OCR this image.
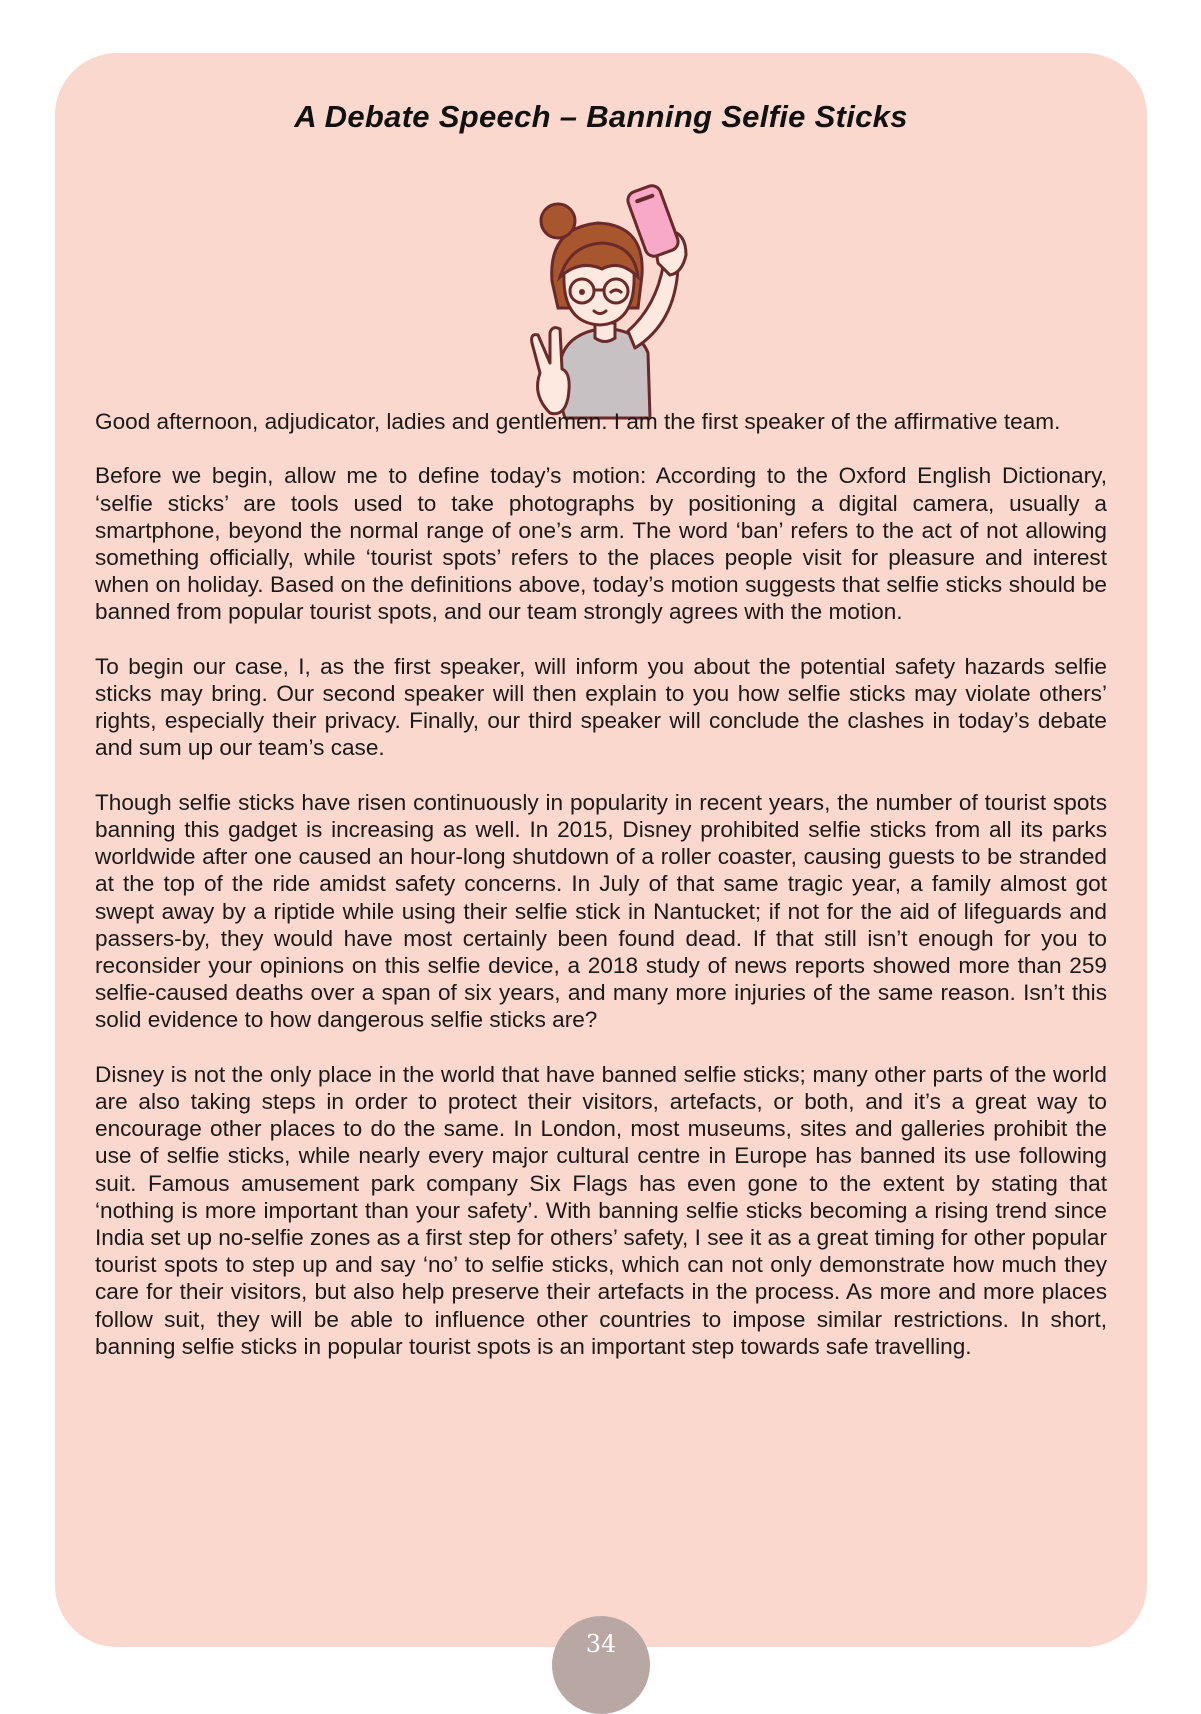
A Debate Speech – Banning Selfie Sticks

Good afternoon, adjudicator, ladies and gentlemen. I am the first speaker of the affirmative team.

Before we begin, allow me to define today’s motion: According to the Oxford English Dictionary, ‘selfie sticks’ are tools used to take photographs by positioning a digital camera, usually a smartphone, beyond the normal range of one’s arm. The word ‘ban’ refers to the act of not allowing something officially, while ‘tourist spots’ refers to the places people visit for pleasure and interest when on holiday. Based on the definitions above, today’s motion suggests that selfie sticks should be banned from popular tourist spots, and our team strongly agrees with the motion.

To begin our case, I, as the first speaker, will inform you about the potential safety hazards selfie sticks may bring. Our second speaker will then explain to you how selfie sticks may violate others’ rights, especially their privacy. Finally, our third speaker will conclude the clashes in today’s debate and sum up our team’s case.

Though selfie sticks have risen continuously in popularity in recent years, the number of tourist spots banning this gadget is increasing as well. In 2015, Disney prohibited selfie sticks from all its parks worldwide after one caused an hour-long shutdown of a roller coaster, causing guests to be stranded at the top of the ride amidst safety concerns. In July of that same tragic year, a family almost got swept away by a riptide while using their selfie stick in Nantucket; if not for the aid of lifeguards and passers-by, they would have most certainly been found dead. If that still isn’t enough for you to reconsider your opinions on this selfie device, a 2018 study of news reports showed more than 259 selfie-caused deaths over a span of six years, and many more injuries of the same reason. Isn’t this solid evidence to how dangerous selfie sticks are?

Disney is not the only place in the world that have banned selfie sticks; many other parts of the world are also taking steps in order to protect their visitors, artefacts, or both, and it’s a great way to encourage other places to do the same. In London, most museums, sites and galleries prohibit the use of selfie sticks, while nearly every major cultural centre in Europe has banned its use following suit. Famous amusement park company Six Flags has even gone to the extent by stating that ‘nothing is more important than your safety’. With banning selfie sticks becoming a rising trend since India set up no-selfie zones as a first step for others’ safety, I see it as a great timing for other popular tourist spots to step up and say ‘no’ to selfie sticks, which can not only demonstrate how much they care for their visitors, but also help preserve their artefacts in the process. As more and more places follow suit, they will be able to influence other countries to impose similar restrictions. In short, banning selfie sticks in popular tourist spots is an important step towards safe travelling.

34
